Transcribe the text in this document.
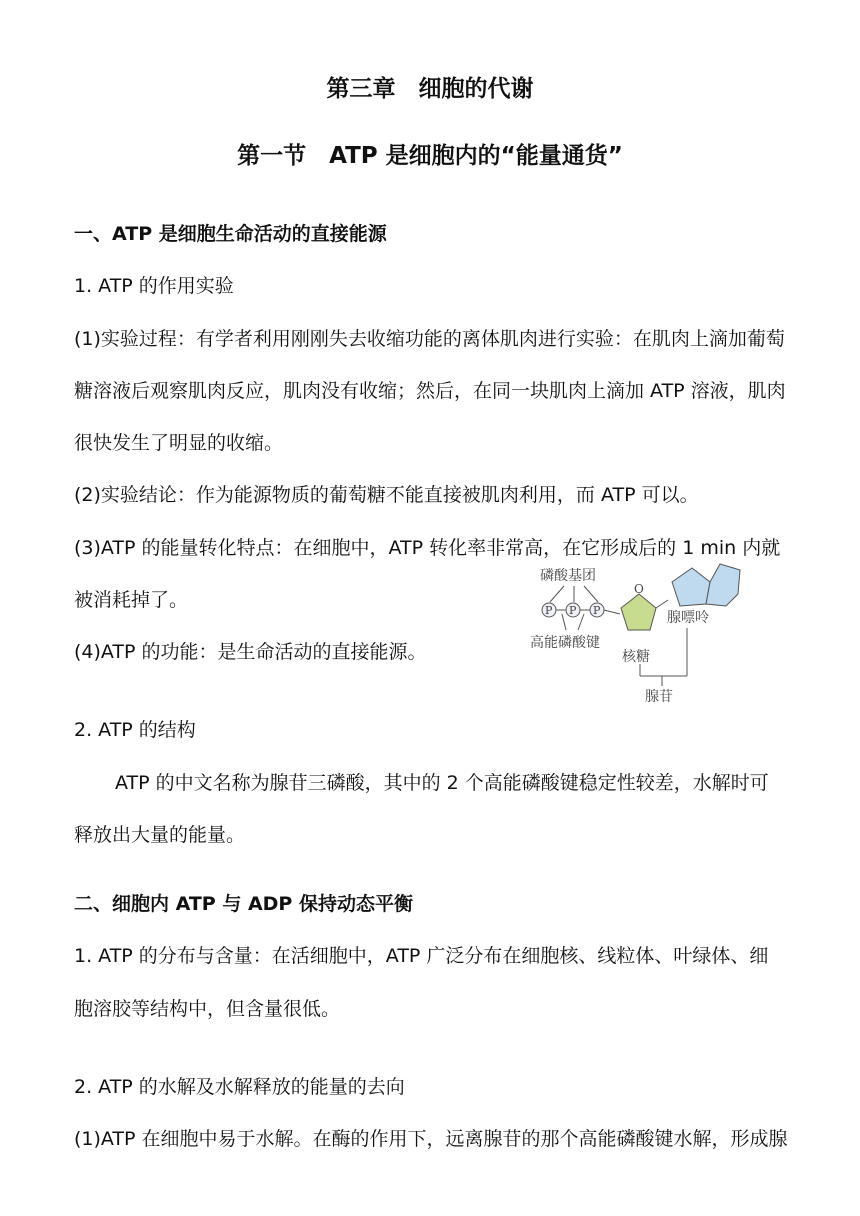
第三章　细胞的代谢
第一节　ATP 是细胞内的“能量通货”
一、ATP 是细胞生命活动的直接能源
1. ATP 的作用实验
(1)实验过程：有学者利用刚刚失去收缩功能的离体肌肉进行实验：在肌肉上滴加葡萄
糖溶液后观察肌肉反应，肌肉没有收缩；然后，在同一块肌肉上滴加 ATP 溶液，肌肉
很快发生了明显的收缩。
(2)实验结论：作为能源物质的葡萄糖不能直接被肌肉利用，而 ATP 可以。
(3)ATP 的能量转化特点：在细胞中，ATP 转化率非常高，在它形成后的 1 min 内就
被消耗掉了。
(4)ATP 的功能：是生命活动的直接能源。
磷酸基团
高能磷酸键
核糖
腺嘌呤
腺苷
P P P
O
2. ATP 的结构
ATP 的中文名称为腺苷三磷酸，其中的 2 个高能磷酸键稳定性较差，水解时可
释放出大量的能量。
二、细胞内 ATP 与 ADP 保持动态平衡
1. ATP 的分布与含量：在活细胞中，ATP 广泛分布在细胞核、线粒体、叶绿体、细
胞溶胶等结构中，但含量很低。
2. ATP 的水解及水解释放的能量的去向
(1)ATP 在细胞中易于水解。在酶的作用下，远离腺苷的那个高能磷酸键水解，形成腺
